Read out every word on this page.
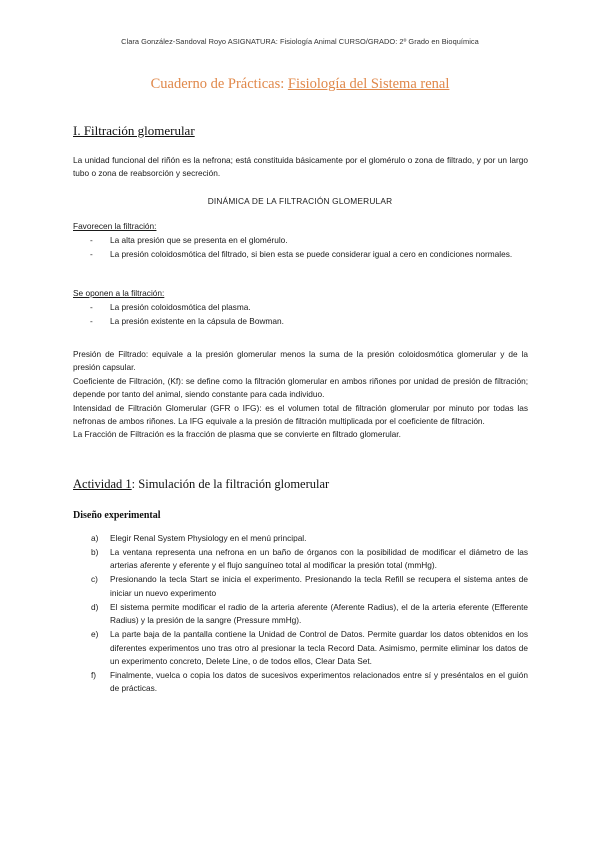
Clara González-Sandoval Royo ASIGNATURA: Fisiología Animal CURSO/GRADO: 2º Grado en Bioquímica
Cuaderno de Prácticas: Fisiología del Sistema renal
I. Filtración glomerular
La unidad funcional del riñón es la nefrona; está constituida básicamente por el glomérulo o zona de filtrado, y por un largo tubo o zona de reabsorción y secreción.
DINÁMICA DE LA FILTRACIÓN GLOMERULAR
Favorecen la filtración:
- La alta presión que se presenta en el glomérulo.
- La presión coloidosmótica del filtrado, si bien esta se puede considerar igual a cero en condiciones normales.
Se oponen a la filtración:
- La presión coloidosmótica del plasma.
- La presión existente en la cápsula de Bowman.

Presión de Filtrado: equivale a la presión glomerular menos la suma de la presión coloidosmótica glomerular y de la presión capsular.

Coeficiente de Filtración, (Kf): se define como la filtración glomerular en ambos riñones por unidad de presión de filtración; depende por tanto del animal, siendo constante para cada individuo.

Intensidad de Filtración Glomerular (GFR o IFG): es el volumen total de filtración glomerular por minuto por todas las nefronas de ambos riñones. La IFG equivale a la presión de filtración multiplicada por el coeficiente de filtración.

La Fracción de Filtración es la fracción de plasma que se convierte en filtrado glomerular.

Actividad 1: Simulación de la filtración glomerular
Diseño experimental
a) Elegir Renal System Physiology en el menú principal.
b) La ventana representa una nefrona en un baño de órganos con la posibilidad de modificar el diámetro de las arterias aferente y eferente y el flujo sanguíneo total al modificar la presión total (mmHg).
c) Presionando la tecla Start se inicia el experimento. Presionando la tecla Refill se recupera el sistema antes de iniciar un nuevo experimento
d) El sistema permite modificar el radio de la arteria aferente (Aferente Radius), el de la arteria eferente (Efferente Radius) y la presión de la sangre (Pressure mmHg).
e) La parte baja de la pantalla contiene la Unidad de Control de Datos. Permite guardar los datos obtenidos en los diferentes experimentos uno tras otro al presionar la tecla Record Data. Asimismo, permite eliminar los datos de un experimento concreto, Delete Line, o de todos ellos, Clear Data Set.
f) Finalmente, vuelca o copia los datos de sucesivos experimentos relacionados entre sí y preséntalos en el guión de prácticas.
